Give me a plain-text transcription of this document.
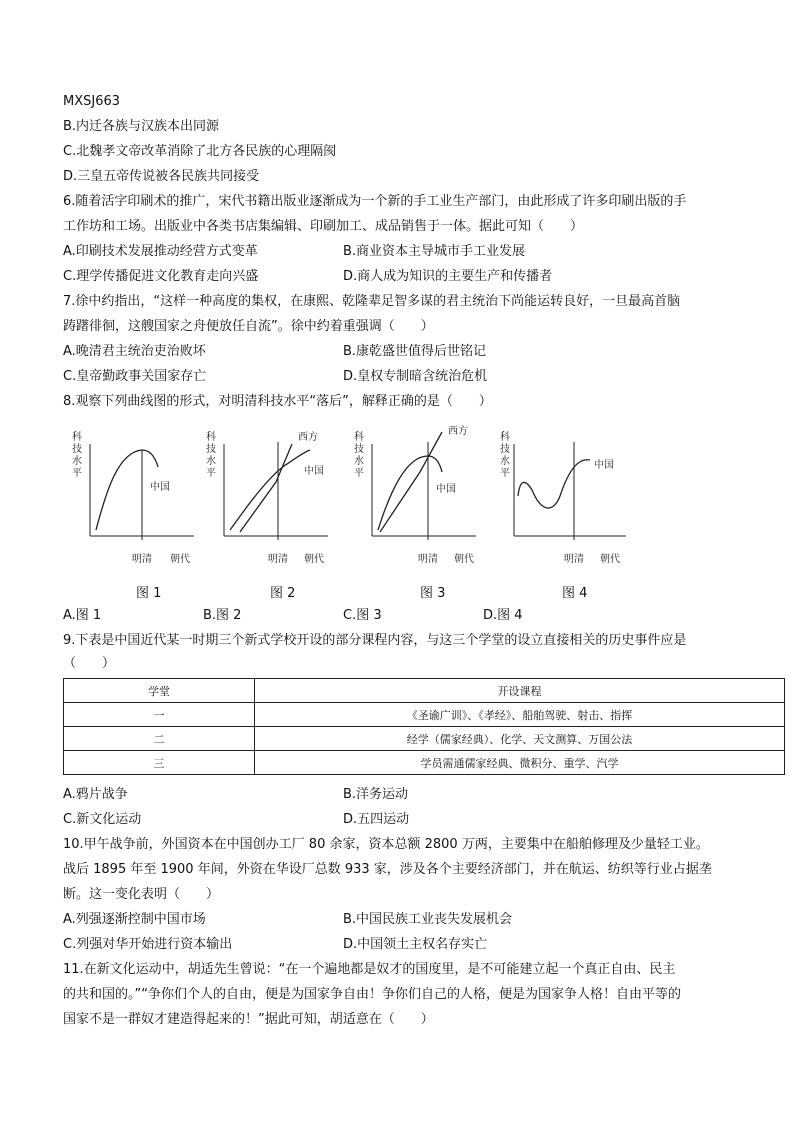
MXSJ663
B.内迁各族与汉族本出同源
C.北魏孝文帝改革消除了北方各民族的心理隔阂
D.三皇五帝传说被各民族共同接受
6.随着活字印刷术的推广，宋代书籍出版业逐渐成为一个新的手工业生产部门，由此形成了许多印刷出版的手
工作坊和工场。出版业中各类书店集编辑、印刷加工、成品销售于一体。据此可知（　　）
A.印刷技术发展推动经营方式变革	B.商业资本主导城市手工业发展
C.理学传播促进文化教育走向兴盛	D.商人成为知识的主要生产和传播者
7.徐中约指出，“这样一种高度的集权，在康熙、乾隆辈足智多谋的君主统治下尚能运转良好，一旦最高首脑
踌躇徘徊，这艘国家之舟便放任自流”。徐中约着重强调（　　）
A.晚清君主统治吏治败坏	B.康乾盛世值得后世铭记
C.皇帝勤政事关国家存亡	D.皇权专制暗含统治危机
8.观察下列曲线图的形式，对明清科技水平“落后”，解释正确的是（　　）
科
技
水
平
中国
明清 朝代
科
技
水
平
西方
中国
明清 朝代
科
技
水
平
西方
中国
明清 朝代
科
技
水
平
中国
明清 朝代
图 1	图 2	图 3	图 4
A.图 1	B.图 2	C.图 3	D.图 4
9.下表是中国近代某一时期三个新式学校开设的部分课程内容，与这三个学堂的设立直接相关的历史事件应是
（　　）
学堂	开设课程
一	《圣谕广训》、《孝经》、船舶驾驶、射击、指挥
二	经学（儒家经典）、化学、天文测算、万国公法
三	学员需通儒家经典、微积分、重学、汽学
A.鸦片战争	B.洋务运动
C.新文化运动	D.五四运动
10.甲午战争前，外国资本在中国创办工厂 80 余家，资本总额 2800 万两，主要集中在船舶修理及少量轻工业。
战后 1895 年至 1900 年间，外资在华设厂总数 933 家，涉及各个主要经济部门，并在航运、纺织等行业占据垄
断。这一变化表明（　　）
A.列强逐渐控制中国市场	B.中国民族工业丧失发展机会
C.列强对华开始进行资本输出	D.中国领土主权名存实亡
11.在新文化运动中，胡适先生曾说：“在一个遍地都是奴才的国度里，是不可能建立起一个真正自由、民主
的共和国的。”“争你们个人的自由，便是为国家争自由！争你们自己的人格，便是为国家争人格！自由平等的
国家不是一群奴才建造得起来的！”据此可知，胡适意在（　　）
